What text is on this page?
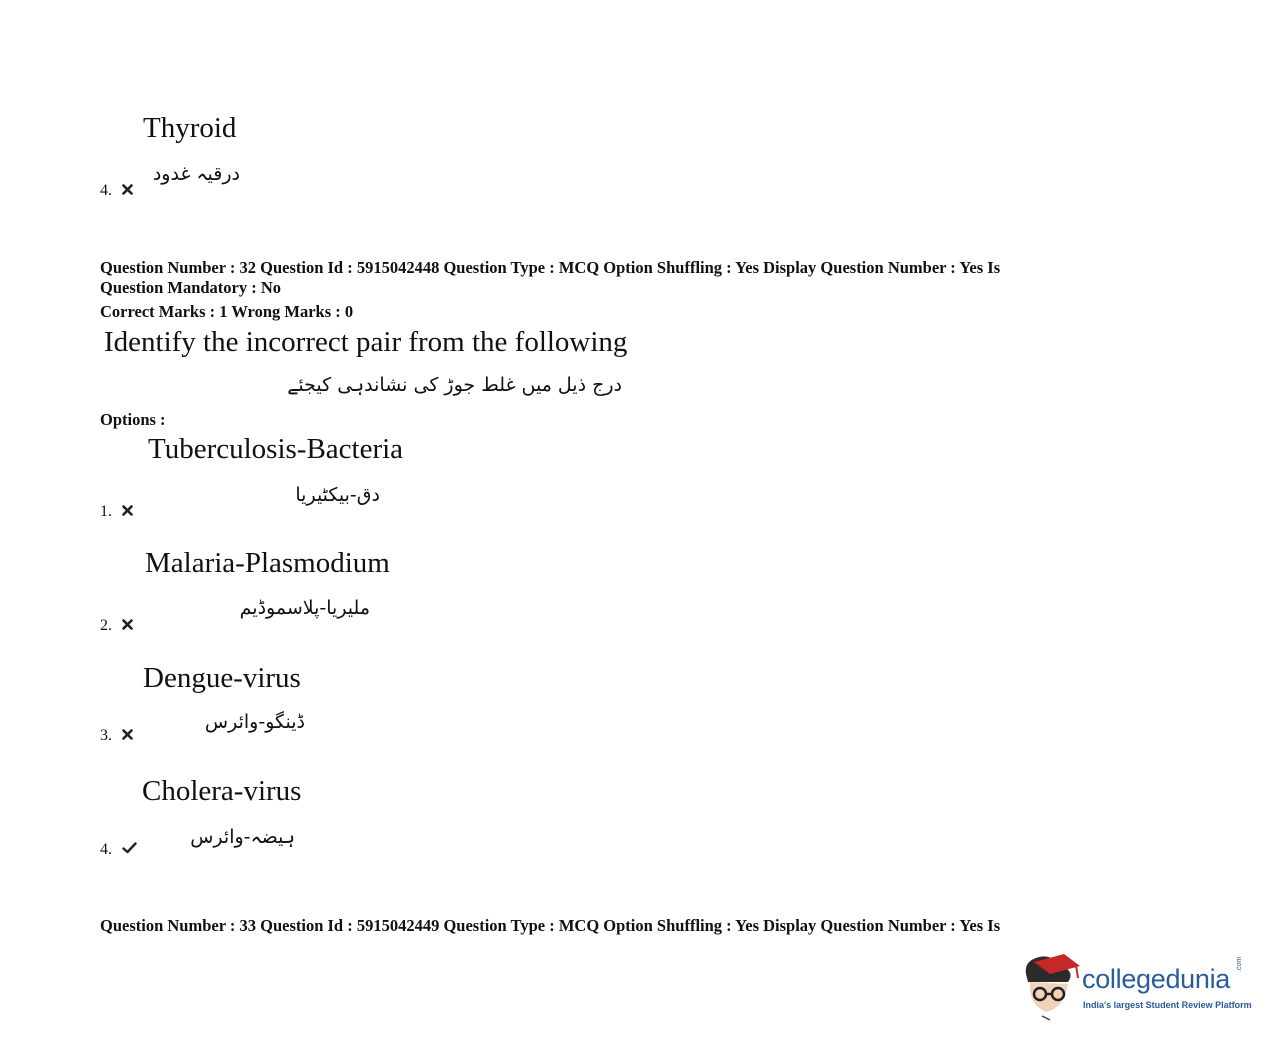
Thyroid
درقیہ غدود
4.
Question Number : 32 Question Id : 5915042448 Question Type : MCQ Option Shuffling : Yes Display Question Number : Yes Is
Question Mandatory : No
Correct Marks : 1 Wrong Marks : 0
Identify the incorrect pair from the following
درج ذیل میں غلط جوڑ کی نشاندہی کیجئے
Options :
Tuberculosis-Bacteria
دق-بیکٹیریا
1.
Malaria-Plasmodium
ملیریا-پلاسموڈیم
2.
Dengue-virus
ڈینگو-وائرس
3.
Cholera-virus
ہیضہ-وائرس
4.
Question Number : 33 Question Id : 5915042449 Question Type : MCQ Option Shuffling : Yes Display Question Number : Yes Is
collegedunia .com
India's largest Student Review Platform
